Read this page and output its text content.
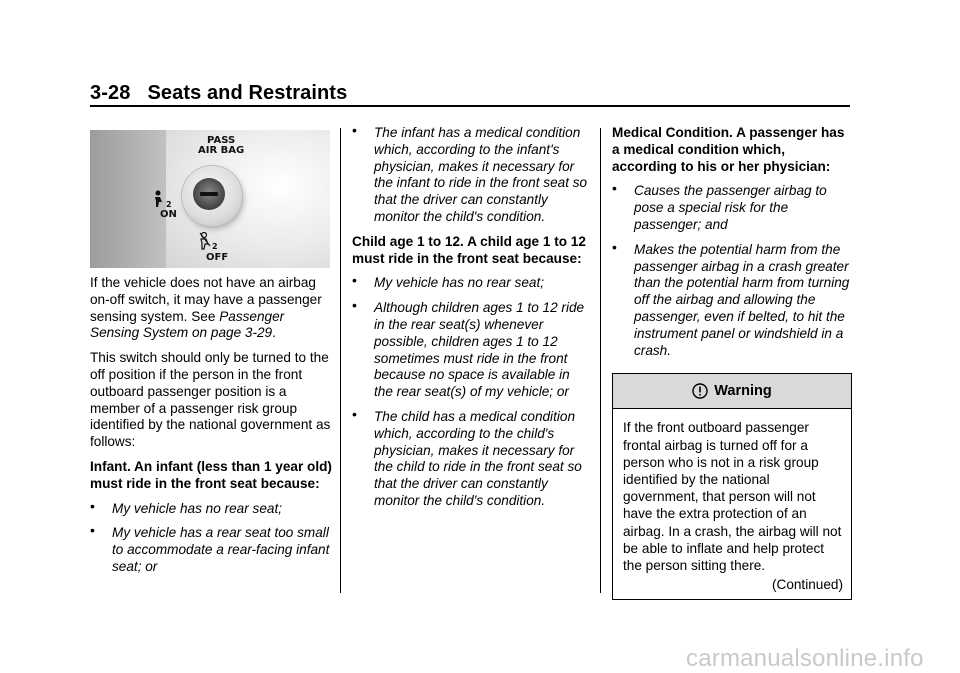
3-28 Seats and Restraints
PASS
AIR BAG
2
ON
2
OFF

If the vehicle does not have an airbag on-off switch, it may have a passenger sensing system. See Passenger Sensing System on page 3-29.

This switch should only be turned to the off position if the person in the front outboard passenger position is a member of a passenger risk group identified by the national government as follows:

Infant. An infant (less than 1 year old) must ride in the front seat because:

• My vehicle has no rear seat;
• My vehicle has a rear seat too small to accommodate a rear-facing infant seat; or
• The infant has a medical condition which, according to the infant's physician, makes it necessary for the infant to ride in the front seat so that the driver can constantly monitor the child's condition.

Child age 1 to 12. A child age 1 to 12 must ride in the front seat because:

• My vehicle has no rear seat;
• Although children ages 1 to 12 ride in the rear seat(s) whenever possible, children ages 1 to 12 sometimes must ride in the front because no space is available in the rear seat(s) of my vehicle; or
• The child has a medical condition which, according to the child's physician, makes it necessary for the child to ride in the front seat so that the driver can constantly monitor the child's condition.

Medical Condition. A passenger has a medical condition which, according to his or her physician:

• Causes the passenger airbag to pose a special risk for the passenger; and
• Makes the potential harm from the passenger airbag in a crash greater than the potential harm from turning off the airbag and allowing the passenger, even if belted, to hit the instrument panel or windshield in a crash.
Warning
If the front outboard passenger frontal airbag is turned off for a person who is not in a risk group identified by the national government, that person will not have the extra protection of an airbag. In a crash, the airbag will not be able to inflate and help protect the person sitting there.
(Continued)
carmanualsonline.info
